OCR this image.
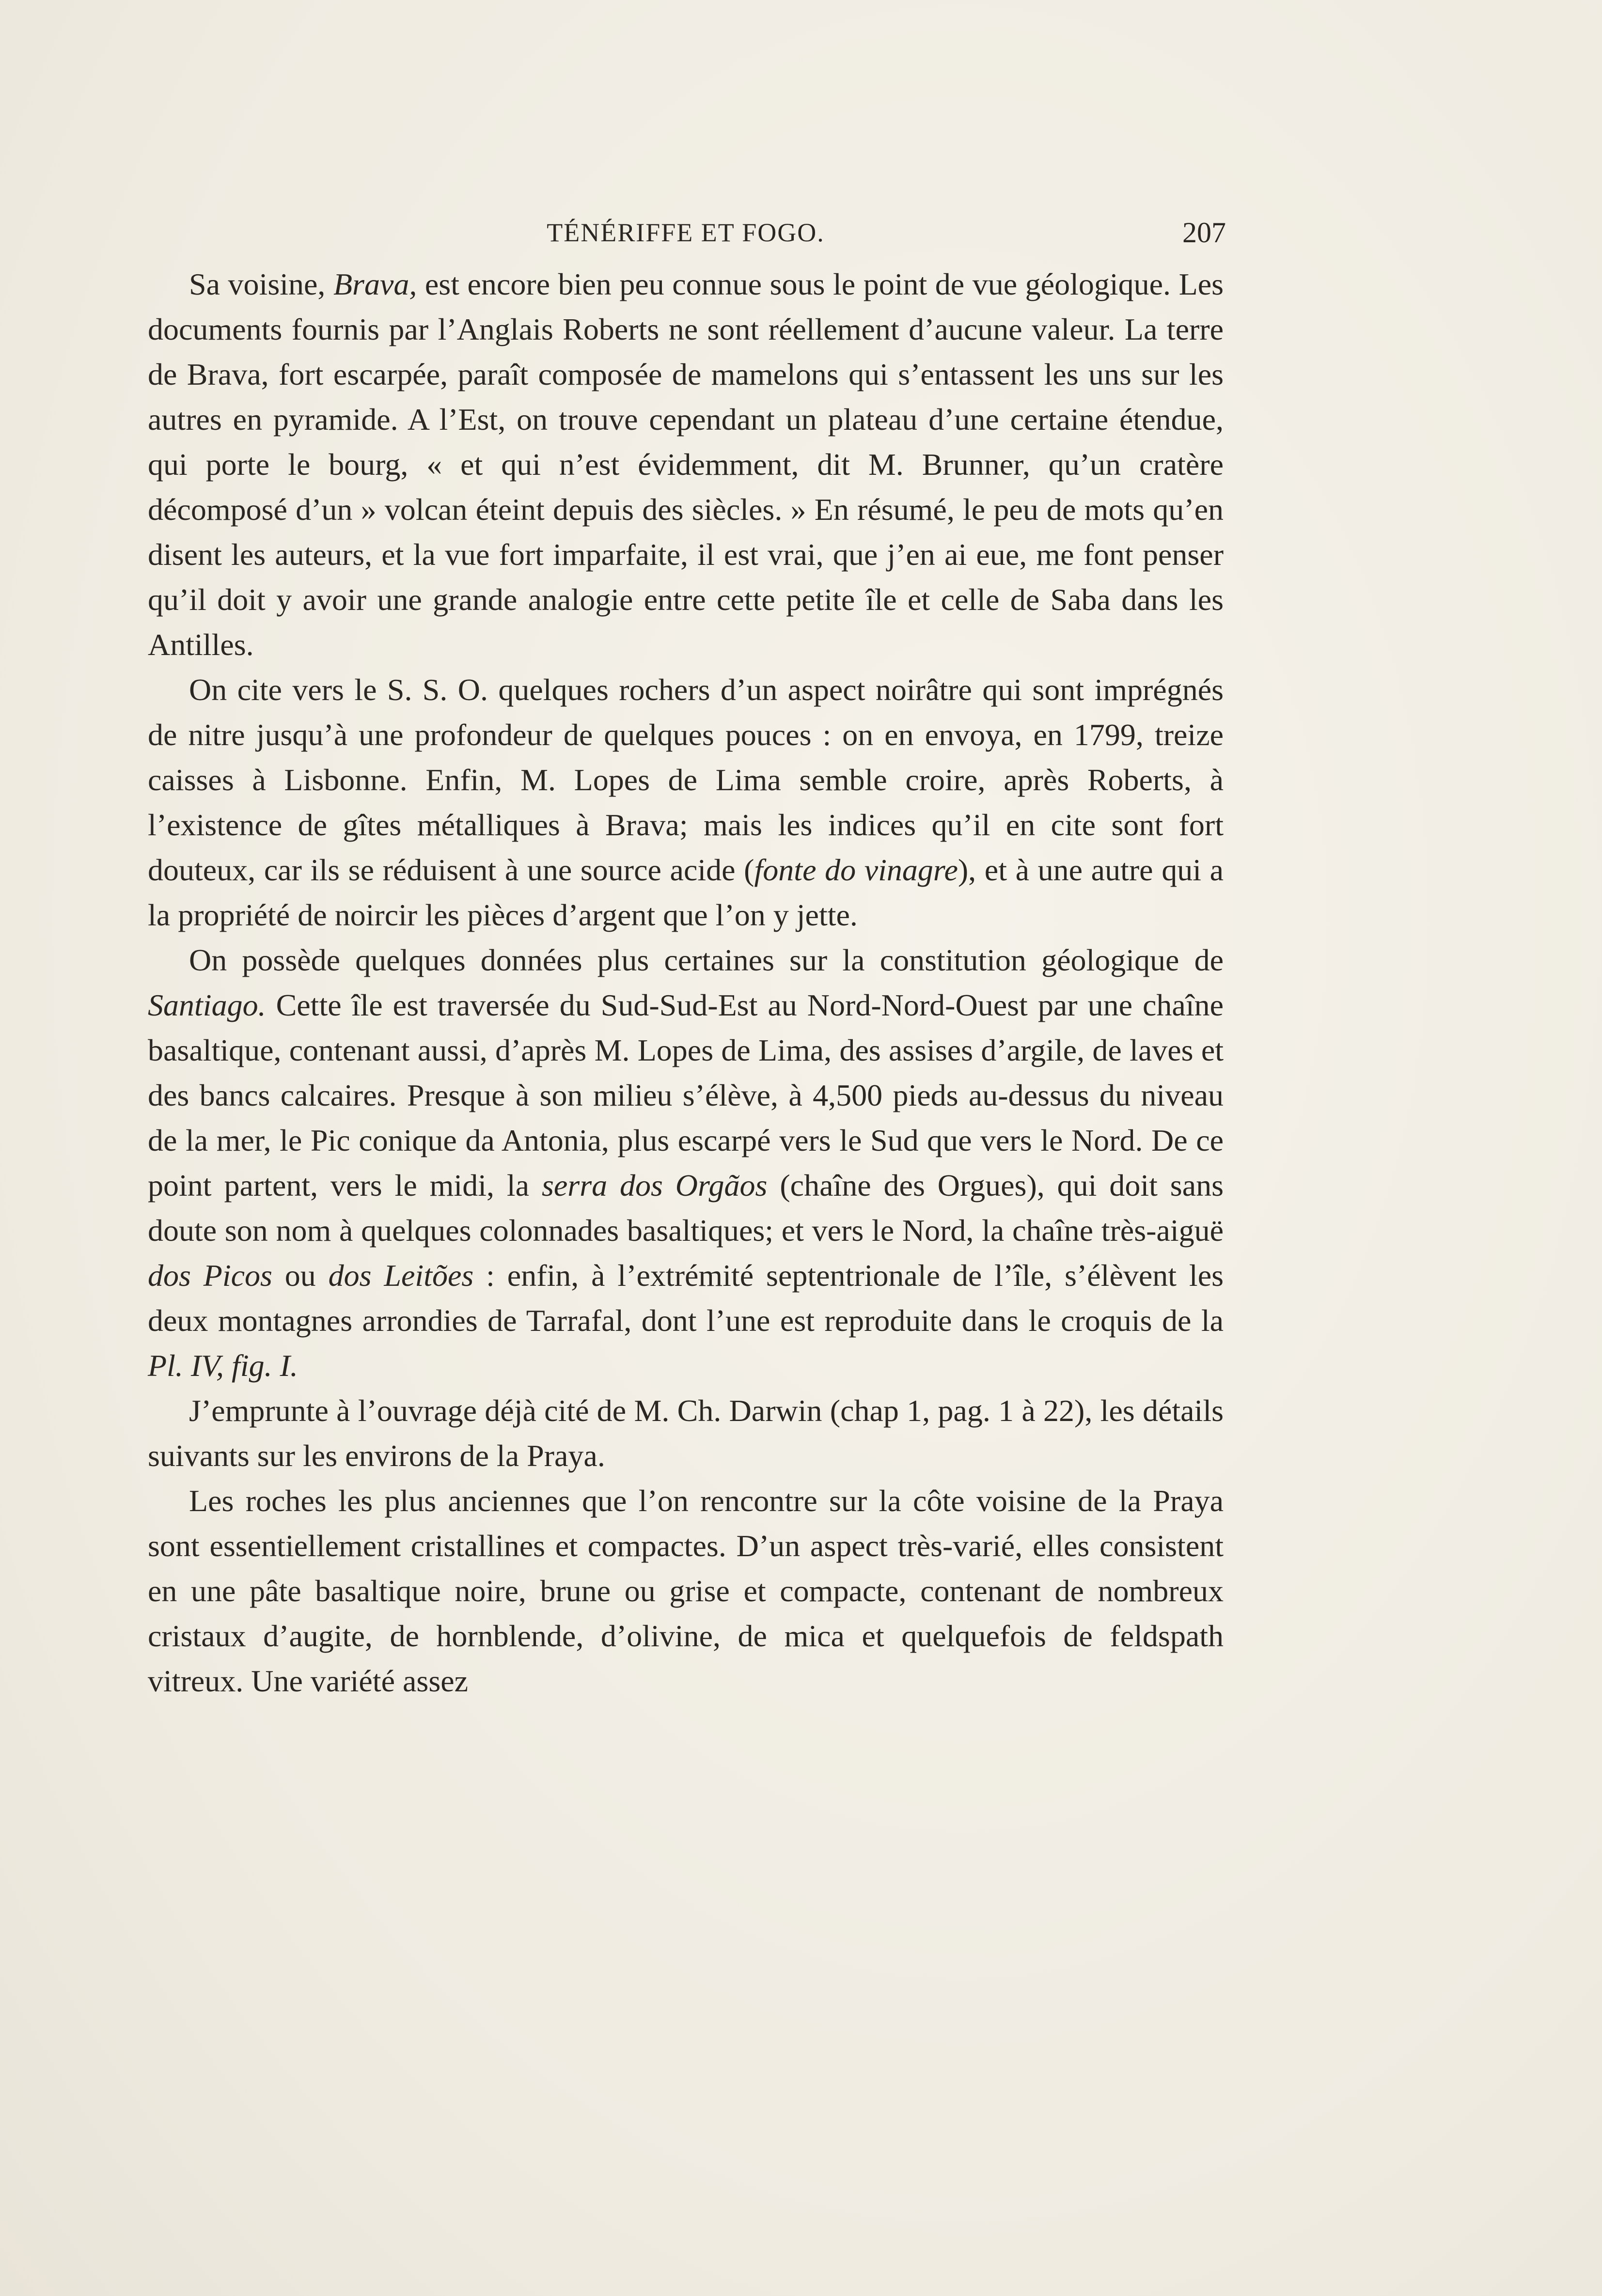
TÉNÉRIFFE ET FOGO.	207

Sa voisine, Brava, est encore bien peu connue sous le point de vue géologique. Les documents fournis par l’Anglais Roberts ne sont réellement d’aucune valeur. La terre de Brava, fort escarpée, paraît composée de mamelons qui s’entassent les uns sur les autres en pyramide. A l’Est, on trouve cependant un plateau d’une certaine étendue, qui porte le bourg, « et qui n’est évidemment, dit M. Brunner, qu’un cratère décomposé d’un » volcan éteint depuis des siècles. » En résumé, le peu de mots qu’en disent les auteurs, et la vue fort imparfaite, il est vrai, que j’en ai eue, me font penser qu’il doit y avoir une grande analogie entre cette petite île et celle de Saba dans les Antilles.

On cite vers le S. S. O. quelques rochers d’un aspect noirâtre qui sont imprégnés de nitre jusqu’à une profondeur de quelques pouces : on en envoya, en 1799, treize caisses à Lisbonne. Enfin, M. Lopes de Lima semble croire, après Roberts, à l’existence de gîtes métalliques à Brava; mais les indices qu’il en cite sont fort douteux, car ils se réduisent à une source acide (fonte do vinagre), et à une autre qui a la propriété de noircir les pièces d’argent que l’on y jette.

On possède quelques données plus certaines sur la constitution géologique de Santiago. Cette île est traversée du Sud-Sud-Est au Nord-Nord-Ouest par une chaîne basaltique, contenant aussi, d’après M. Lopes de Lima, des assises d’argile, de laves et des bancs calcaires. Presque à son milieu s’élève, à 4,500 pieds au-dessus du niveau de la mer, le Pic conique da Antonia, plus escarpé vers le Sud que vers le Nord. De ce point partent, vers le midi, la serra dos Orgãos (chaîne des Orgues), qui doit sans doute son nom à quelques colonnades basaltiques; et vers le Nord, la chaîne très-aiguë dos Picos ou dos Leitões : enfin, à l’extrémité septentrionale de l’île, s’élèvent les deux montagnes arrondies de Tarrafal, dont l’une est reproduite dans le croquis de la Pl. IV, fig. I.

J’emprunte à l’ouvrage déjà cité de M. Ch. Darwin (chap 1, pag. 1 à 22), les détails suivants sur les environs de la Praya.

Les roches les plus anciennes que l’on rencontre sur la côte voisine de la Praya sont essentiellement cristallines et compactes. D’un aspect très-varié, elles consistent en une pâte basaltique noire, brune ou grise et compacte, contenant de nombreux cristaux d’augite, de hornblende, d’olivine, de mica et quelquefois de feldspath vitreux. Une variété assez
